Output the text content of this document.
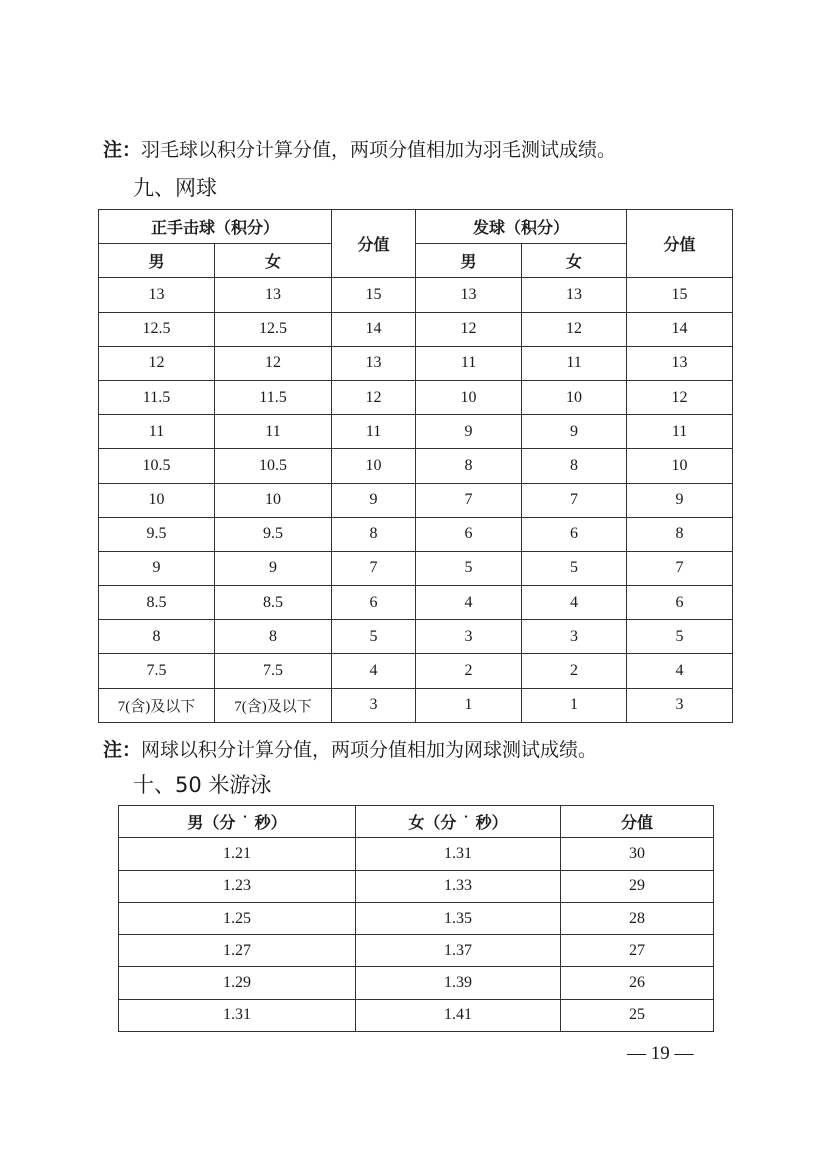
注：羽毛球以积分计算分值，两项分值相加为羽毛测试成绩。
九、网球
正手击球（积分）		分值	发球（积分）		分值
男	女		男	女	
13	13	15	13	13	15
12.5	12.5	14	12	12	14
12	12	13	11	11	13
11.5	11.5	12	10	10	12
11	11	11	9	9	11
10.5	10.5	10	8	8	10
10	10	9	7	7	9
9.5	9.5	8	6	6	8
9	9	7	5	5	7
8.5	8.5	6	4	4	6
8	8	5	3	3	5
7.5	7.5	4	2	2	4
7(含)及以下	7(含)及以下	3	1	1	3
注：网球以积分计算分值，两项分值相加为网球测试成绩。
十、50 米游泳
男（分 ˙ 秒）	女（分 ˙ 秒）	分值
1.21	1.31	30
1.23	1.33	29
1.25	1.35	28
1.27	1.37	27
1.29	1.39	26
1.31	1.41	25
— 19 —
